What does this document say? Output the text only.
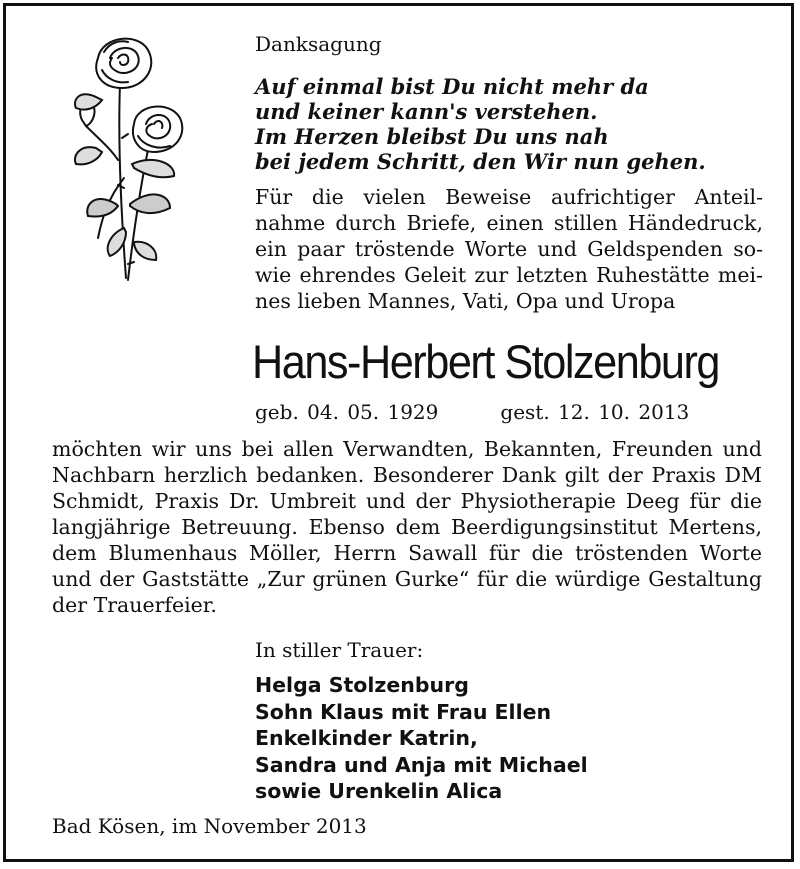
Danksagung
Auf einmal bist Du nicht mehr da
und keiner kann's verstehen.
Im Herzen bleibst Du uns nah
bei jedem Schritt, den Wir nun gehen.
Für die vielen Beweise aufrichtiger Anteil-
nahme durch Briefe, einen stillen Händedruck,
ein paar tröstende Worte und Geldspenden so-
wie ehrendes Geleit zur letzten Ruhestätte mei-
nes lieben Mannes, Vati, Opa und Uropa
Hans-Herbert Stolzenburg
geb. 04. 05. 1929	gest. 12. 10. 2013
möchten wir uns bei allen Verwandten, Bekannten, Freunden und
Nachbarn herzlich bedanken. Besonderer Dank gilt der Praxis DM
Schmidt, Praxis Dr. Umbreit und der Physiotherapie Deeg für die
langjährige Betreuung. Ebenso dem Beerdigungsinstitut Mertens,
dem Blumenhaus Möller, Herrn Sawall für die tröstenden Worte
und der Gaststätte „Zur grünen Gurke“ für die würdige Gestaltung
der Trauerfeier.
In stiller Trauer:
Helga Stolzenburg
Sohn Klaus mit Frau Ellen
Enkelkinder Katrin,
Sandra und Anja mit Michael
sowie Urenkelin Alica
Bad Kösen, im November 2013
